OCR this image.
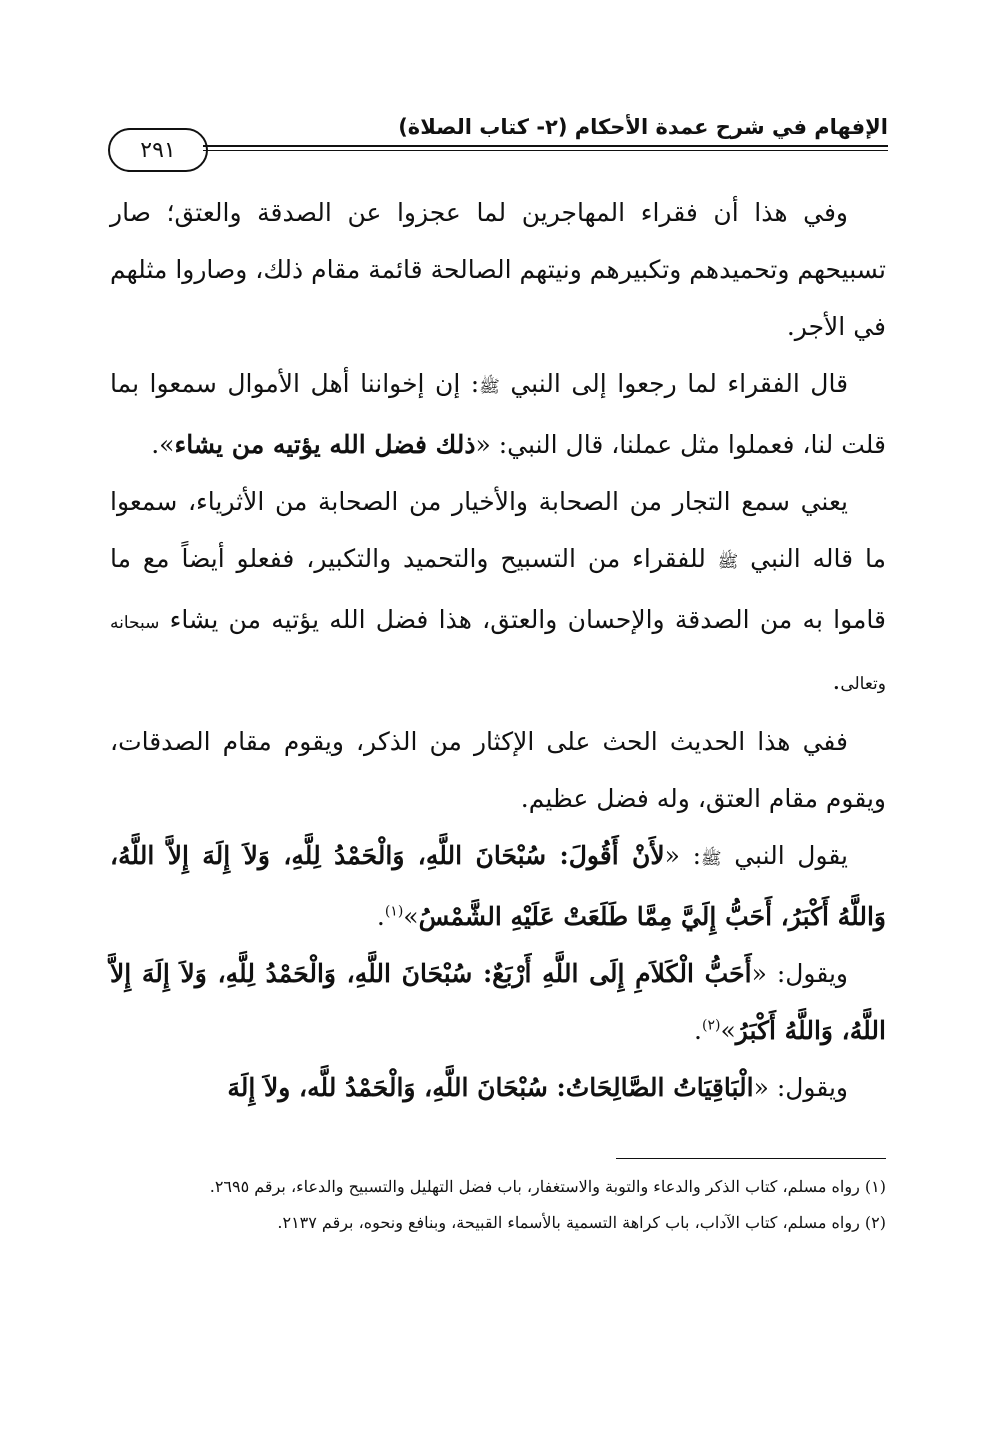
الإفهام في شرح عمدة الأحكام (٢- كتاب الصلاة)
٢٩١

وفي هذا أن فقراء المهاجرين لما عجزوا عن الصدقة والعتق؛ صار تسبيحهم وتحميدهم وتكبيرهم ونيتهم الصالحة قائمة مقام ذلك، وصاروا مثلهم في الأجر.

قال الفقراء لما رجعوا إلى النبي ﷺ: إن إخواننا أهل الأموال سمعوا بما قلت لنا، فعملوا مثل عملنا، قال النبي: «ذلك فضل الله يؤتيه من يشاء».

يعني سمع التجار من الصحابة والأخيار من الصحابة من الأثرياء، سمعوا ما قاله النبي ﷺ للفقراء من التسبيح والتحميد والتكبير، ففعلو أيضاً مع ما قاموا به من الصدقة والإحسان والعتق، هذا فضل الله يؤتيه من يشاء سبحانه وتعالى.

ففي هذا الحديث الحث على الإكثار من الذكر، ويقوم مقام الصدقات، ويقوم مقام العتق، وله فضل عظيم.

يقول النبي ﷺ: «لأَنْ أَقُولَ: سُبْحَانَ اللَّهِ، وَالْحَمْدُ لِلَّهِ، وَلاَ إِلَهَ إِلاَّ اللَّهُ، وَاللَّهُ أَكْبَرُ، أَحَبُّ إِلَيَّ مِمَّا طَلَعَتْ عَلَيْهِ الشَّمْسُ»$^{(١)}$.

ويقول: «أَحَبُّ الْكَلاَمِ إِلَى اللَّهِ أَرْبَعٌ: سُبْحَانَ اللَّهِ، وَالْحَمْدُ لِلَّهِ، وَلاَ إِلَهَ إِلاَّ اللَّهُ، وَاللَّهُ أَكْبَرُ»$^{(٢)}$.

ويقول: «الْبَاقِيَاتُ الصَّالِحَاتُ: سُبْحَانَ اللَّهِ، وَالْحَمْدُ للَّه، ولاَ إِلَهَ

(١) رواه مسلم، كتاب الذكر والدعاء والتوبة والاستغفار، باب فضل التهليل والتسبيح والدعاء، برقم ٢٦٩٥.

(٢) رواه مسلم، كتاب الآداب، باب كراهة التسمية بالأسماء القبيحة، وبنافع ونحوه، برقم ٢١٣٧.
